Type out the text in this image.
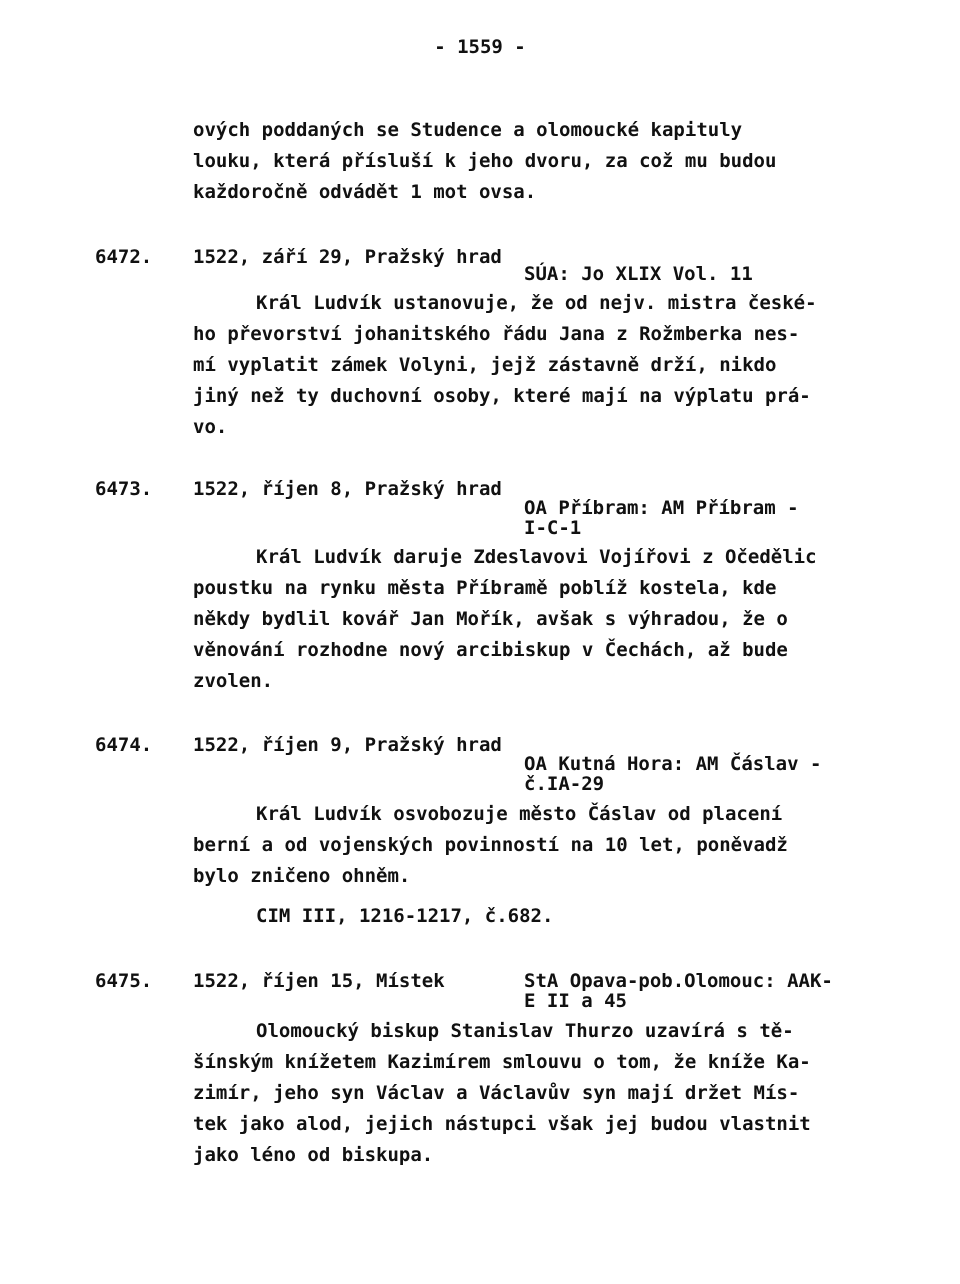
- 1559 -
ových poddaných se Studence a olomoucké kapituly
louku, která přísluší k jeho dvoru, za což mu budou
každoročně odvádět 1 mot ovsa.
6472. 1522, září 29, Pražský hrad
SÚA: Jo XLIX Vol. 11
Král Ludvík ustanovuje, že od nejv. mistra české-
ho převorství johanitského řádu Jana z Rožmberka nes-
mí vyplatit zámek Volyni, jejž zástavně drží, nikdo
jiný než ty duchovní osoby, které mají na výplatu prá-
vo.
6473. 1522, říjen 8, Pražský hrad
OA Příbram: AM Příbram -
I-C-1
Král Ludvík daruje Zdeslavovi Vojířovi z Očedělic
poustku na rynku města Příbramě poblíž kostela, kde
někdy bydlil kovář Jan Mořík, avšak s výhradou, že o
věnování rozhodne nový arcibiskup v Čechách, až bude
zvolen.
6474. 1522, říjen 9, Pražský hrad
OA Kutná Hora: AM Čáslav -
č.IA-29
Král Ludvík osvobozuje město Čáslav od placení
berní a od vojenských povinností na 10 let, poněvadž
bylo zničeno ohněm.
CIM III, 1216-1217, č.682.
6475. 1522, říjen 15, Místek	StA Opava-pob.Olomouc: AAK-
E II a 45
Olomoucký biskup Stanislav Thurzo uzavírá s tě-
šínským knížetem Kazimírem smlouvu o tom, že kníže Ka-
zimír, jeho syn Václav a Václavův syn mají držet Mís-
tek jako alod, jejich nástupci však jej budou vlastnit
jako léno od biskupa.
